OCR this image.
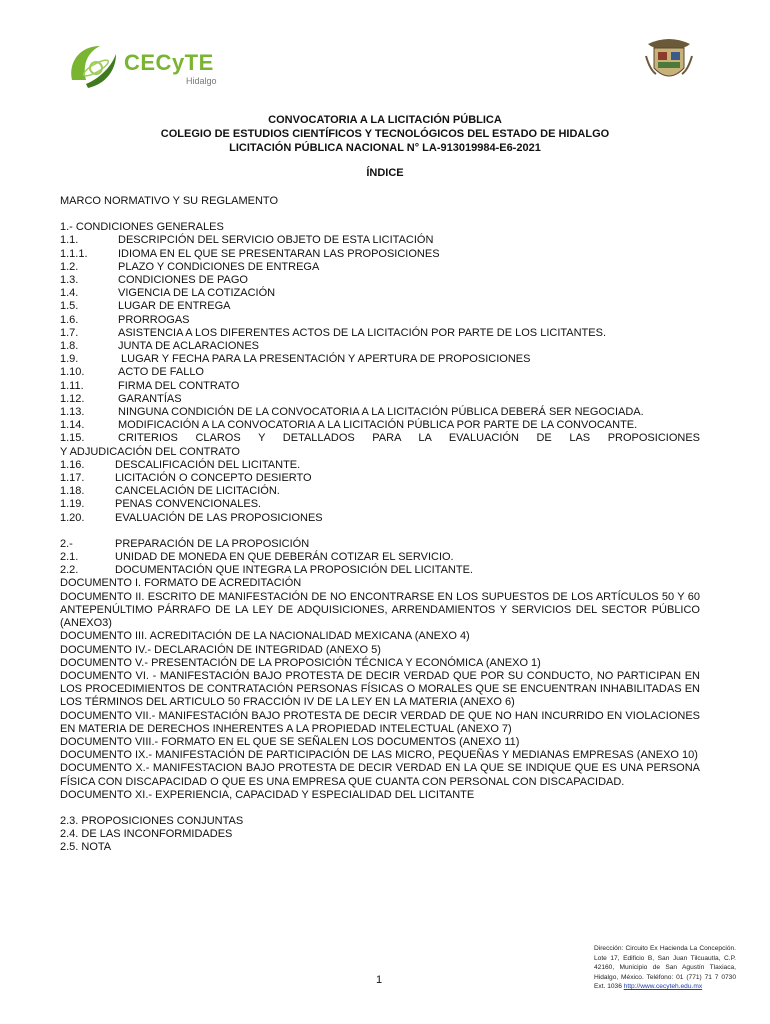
CECyTE
Hidalgo
CONVOCATORIA A LA LICITACIÓN PÚBLICA
COLEGIO DE ESTUDIOS CIENTÍFICOS Y TECNOLÓGICOS DEL ESTADO DE HIDALGO
LICITACIÓN PÚBLICA NACIONAL N° LA-913019984-E6-2021
ÍNDICE
MARCO NORMATIVO Y SU REGLAMENTO
1.- CONDICIONES GENERALES
1.1.	DESCRIPCIÓN DEL SERVICIO OBJETO DE ESTA LICITACIÓN
1.1.1.	IDIOMA EN EL QUE SE PRESENTARAN LAS PROPOSICIONES
1.2.	PLAZO Y CONDICIONES DE ENTREGA
1.3.	CONDICIONES DE PAGO
1.4.	VIGENCIA DE LA COTIZACIÓN
1.5.	LUGAR DE ENTREGA
1.6.	PRORROGAS
1.7.	ASISTENCIA A LOS DIFERENTES ACTOS DE LA LICITACIÓN POR PARTE DE LOS LICITANTES.
1.8.	JUNTA DE ACLARACIONES
1.9.	LUGAR Y FECHA PARA LA PRESENTACIÓN Y APERTURA DE PROPOSICIONES
1.10.	ACTO DE FALLO
1.11.	FIRMA DEL CONTRATO
1.12.	GARANTÍAS
1.13.	NINGUNA CONDICIÓN DE LA CONVOCATORIA A LA LICITACIÓN PÚBLICA DEBERÁ SER NEGOCIADA.
1.14.	MODIFICACIÓN A LA CONVOCATORIA A LA LICITACIÓN PÚBLICA POR PARTE DE LA CONVOCANTE.
1.15.	CRITERIOS CLAROS Y DETALLADOS PARA LA EVALUACIÓN DE LAS PROPOSICIONES
Y ADJUDICACIÓN DEL CONTRATO
1.16.	DESCALIFICACIÓN DEL LICITANTE.
1.17.	LICITACIÓN O CONCEPTO DESIERTO
1.18.	CANCELACIÓN DE LICITACIÓN.
1.19.	PENAS CONVENCIONALES.
1.20.	EVALUACIÓN DE LAS PROPOSICIONES
2.-	PREPARACIÓN DE LA PROPOSICIÓN
2.1.	UNIDAD DE MONEDA EN QUE DEBERÁN COTIZAR EL SERVICIO.
2.2.	DOCUMENTACIÓN QUE INTEGRA LA PROPOSICIÓN DEL LICITANTE.
DOCUMENTO I. FORMATO DE ACREDITACIÓN
DOCUMENTO II. ESCRITO DE MANIFESTACIÓN DE NO ENCONTRARSE EN LOS SUPUESTOS DE LOS ARTÍCULOS 50 Y 60 ANTEPENÚLTIMO PÁRRAFO DE LA LEY DE ADQUISICIONES, ARRENDAMIENTOS Y SERVICIOS DEL SECTOR PÚBLICO (ANEXO3)
DOCUMENTO III. ACREDITACIÓN DE LA NACIONALIDAD MEXICANA (ANEXO 4)
DOCUMENTO IV.- DECLARACIÓN DE INTEGRIDAD (ANEXO 5)
DOCUMENTO V.- PRESENTACIÓN DE LA PROPOSICIÓN TÉCNICA Y ECONÓMICA (ANEXO 1)
DOCUMENTO VI. - MANIFESTACIÓN BAJO PROTESTA DE DECIR VERDAD QUE POR SU CONDUCTO, NO PARTICIPAN EN LOS PROCEDIMIENTOS DE CONTRATACIÓN PERSONAS FÍSICAS O MORALES QUE SE ENCUENTRAN INHABILITADAS EN LOS TÉRMINOS DEL ARTICULO 50 FRACCIÓN IV DE LA LEY EN LA MATERIA (ANEXO 6)
DOCUMENTO VII.- MANIFESTACIÓN BAJO PROTESTA DE DECIR VERDAD DE QUE NO HAN INCURRIDO EN VIOLACIONES EN MATERIA DE DERECHOS INHERENTES A LA PROPIEDAD INTELECTUAL (ANEXO 7)
DOCUMENTO VIII.- FORMATO EN EL QUE SE SEÑALEN LOS DOCUMENTOS (ANEXO 11)
DOCUMENTO IX.- MANIFESTACIÓN DE PARTICIPACIÓN DE LAS MICRO, PEQUEÑAS Y MEDIANAS EMPRESAS (ANEXO 10)
DOCUMENTO X.- MANIFESTACION BAJO PROTESTA DE DECIR VERDAD EN LA QUE SE INDIQUE QUE ES UNA PERSONA FÍSICA CON DISCAPACIDAD O QUE ES UNA EMPRESA QUE CUANTA CON PERSONAL CON DISCAPACIDAD.
DOCUMENTO XI.- EXPERIENCIA, CAPACIDAD Y ESPECIALIDAD DEL LICITANTE
2.3. PROPOSICIONES CONJUNTAS
2.4. DE LAS INCONFORMIDADES
2.5. NOTA
Dirección: Circuito Ex Hacienda La Concepción. Lote 17, Edificio B, San Juan Tilcuautla, C.P. 42160, Municipio de San Agustín Tlaxiaca, Hidalgo, México. Teléfono: 01 (771) 71 7 0730 Ext. 1036 http://www.cecyteh.edu.mx
1
